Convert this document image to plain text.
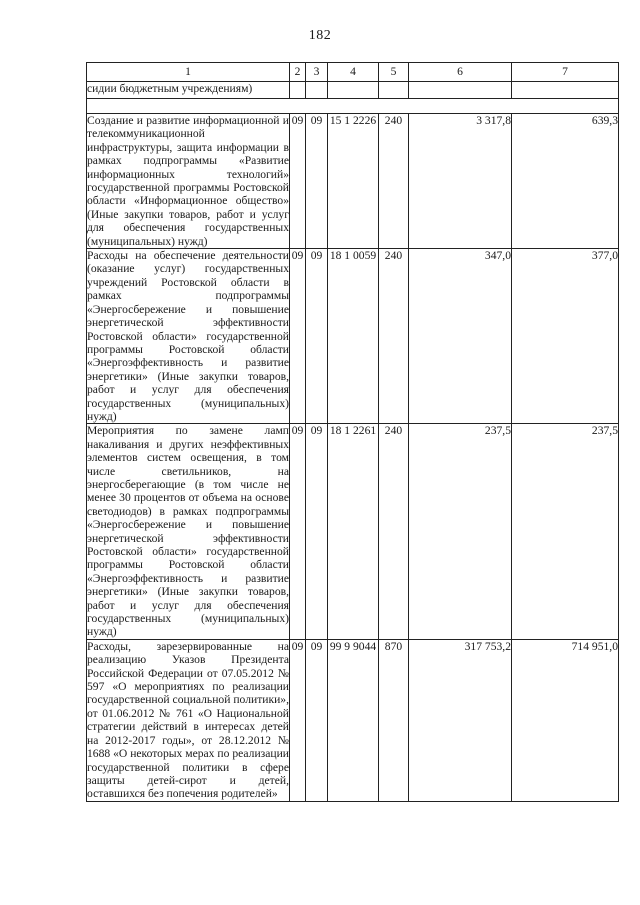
182
1	2	3	4	5	6	7
сидии бюджетным учреждениям)						

Создание и развитие информационной и телекоммуникационной инфраструктуры, защита информации в рамках подпрограммы «Развитие информационных технологий» государственной программы Ростовской области «Информационное общество» (Иные закупки товаров, работ и услуг для обеспечения государственных (муниципальных) нужд)	09	09	15 1 2226	240	3 317,8	639,3
Расходы на обеспечение деятельности (оказание услуг) государственных учреждений Ростовской области в рамках подпрограммы «Энергосбережение и повышение энергетической эффективности Ростовской области» государственной программы Ростовской области «Энергоэффективность и развитие энергетики» (Иные закупки товаров, работ и услуг для обеспечения государственных (муниципальных) нужд)	09	09	18 1 0059	240	347,0	377,0
Мероприятия по замене ламп накаливания и других неэффективных элементов систем освещения, в том числе светильников, на энергосберегающие (в том числе не менее 30 процентов от объема на основе светодиодов) в рамках подпрограммы «Энергосбережение и повышение энергетической эффективности Ростовской области» государственной программы Ростовской области «Энергоэффективность и развитие энергетики» (Иные закупки товаров, работ и услуг для обеспечения государственных (муниципальных) нужд)	09	09	18 1 2261	240	237,5	237,5
Расходы, зарезервированные на реализацию Указов Президента Российской Федерации от 07.05.2012 № 597 «О мероприятиях по реализации государственной социальной политики», от 01.06.2012 № 761 «О Национальной стратегии действий в интересах детей на 2012-2017 годы», от 28.12.2012 № 1688 «О некоторых мерах по реализации государственной политики в сфере защиты детей-сирот и детей, оставшихся без попечения родителей»	09	09	99 9 9044	870	317 753,2	714 951,0
